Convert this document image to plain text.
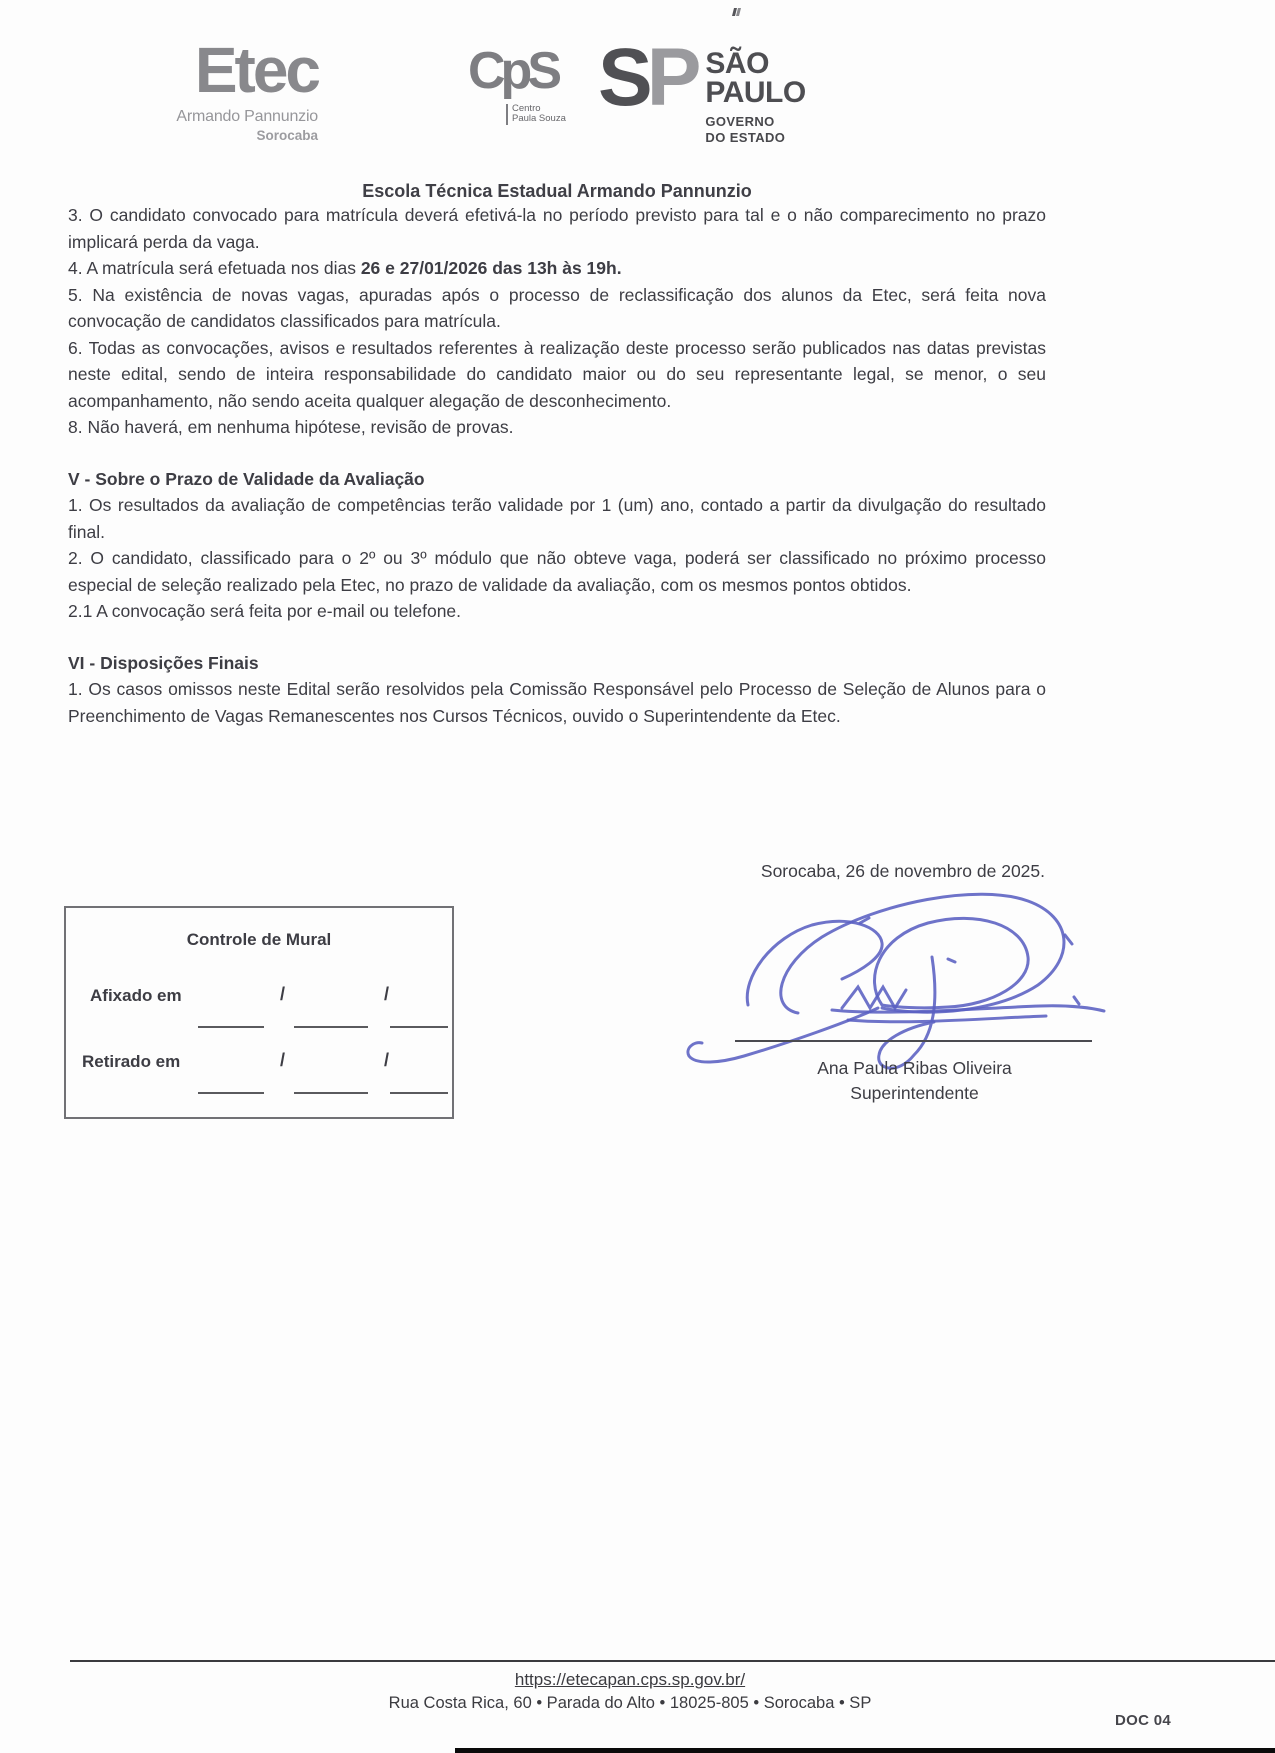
Etec
Armando Pannunzio
Sorocaba
CpS
Centro
Paula Souza SP SÃO
PAULO
GOVERNO
DO ESTADO
Escola Técnica Estadual Armando Pannunzio

3. O candidato convocado para matrícula deverá efetivá-la no período previsto para tal e o não comparecimento no prazo implicará perda da vaga.

4. A matrícula será efetuada nos dias 26 e 27/01/2026 das 13h às 19h.

5. Na existência de novas vagas, apuradas após o processo de reclassificação dos alunos da Etec, será feita nova convocação de candidatos classificados para matrícula.

6. Todas as convocações, avisos e resultados referentes à realização deste processo serão publicados nas datas previstas neste edital, sendo de inteira responsabilidade do candidato maior ou do seu representante legal, se menor, o seu acompanhamento, não sendo aceita qualquer alegação de desconhecimento.

8. Não haverá, em nenhuma hipótese, revisão de provas.

V - Sobre o Prazo de Validade da Avaliação

1. Os resultados da avaliação de competências terão validade por 1 (um) ano, contado a partir da divulgação do resultado final.

2. O candidato, classificado para o 2º ou 3º módulo que não obteve vaga, poderá ser classificado no próximo processo especial de seleção realizado pela Etec, no prazo de validade da avaliação, com os mesmos pontos obtidos.

2.1 A convocação será feita por e-mail ou telefone.

VI - Disposições Finais

1. Os casos omissos neste Edital serão resolvidos pela Comissão Responsável pelo Processo de Seleção de Alunos para o Preenchimento de Vagas Remanescentes nos Cursos Técnicos, ouvido o Superintendente da Etec.

Sorocaba, 26 de novembro de 2025.
Controle de Mural
Afixado em	/	/
Retirado em	/	/	Ana Paula Ribas Oliveira
Superintendente
https://etecapan.cps.sp.gov.br/
Rua Costa Rica, 60 • Parada do Alto • 18025-805 • Sorocaba • SP
DOC 04
